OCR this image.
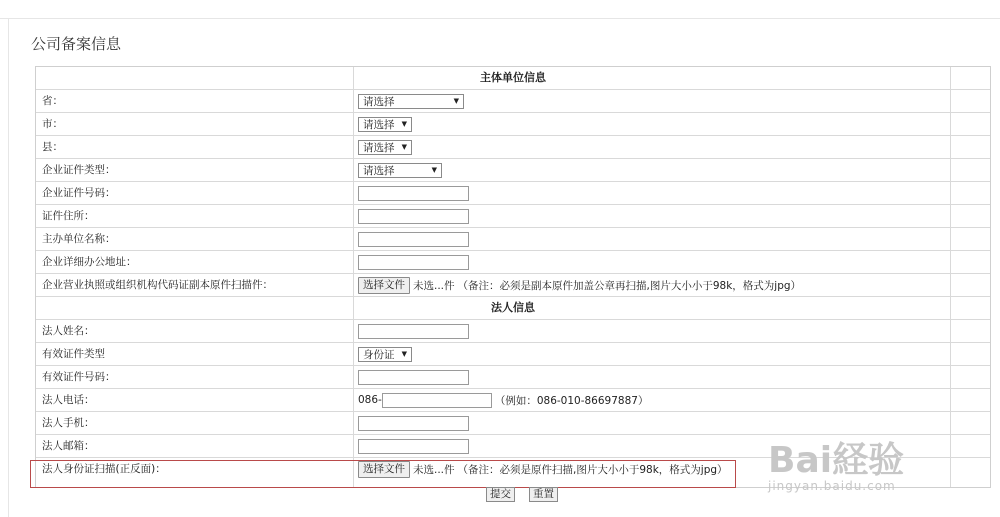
公司备案信息
主体单位信息
省：	请选择	▼
市：	请选择 ▼
县：	请选择 ▼
企业证件类型：	请选择	▼
企业证件号码：
证件住所：
主办单位名称：
企业详细办公地址：
企业营业执照或组织机构代码证副本原件扫描件：	选择文件 未选...件 （备注：必须是副本原件加盖公章再扫描,图片大小小于98k，格式为jpg）
法人信息
法人姓名：
有效证件类型	身份证 ▼
有效证件号码：
法人电话：	086-	（例如：086-010-86697887）
法人手机：
法人邮箱：
法人身份证扫描(正反面)：	选择文件 未选...件 （备注：必须是原件扫描,图片大小小于98k，格式为jpg）
提交	重置
Bai経验
jingyan.baidu.com
